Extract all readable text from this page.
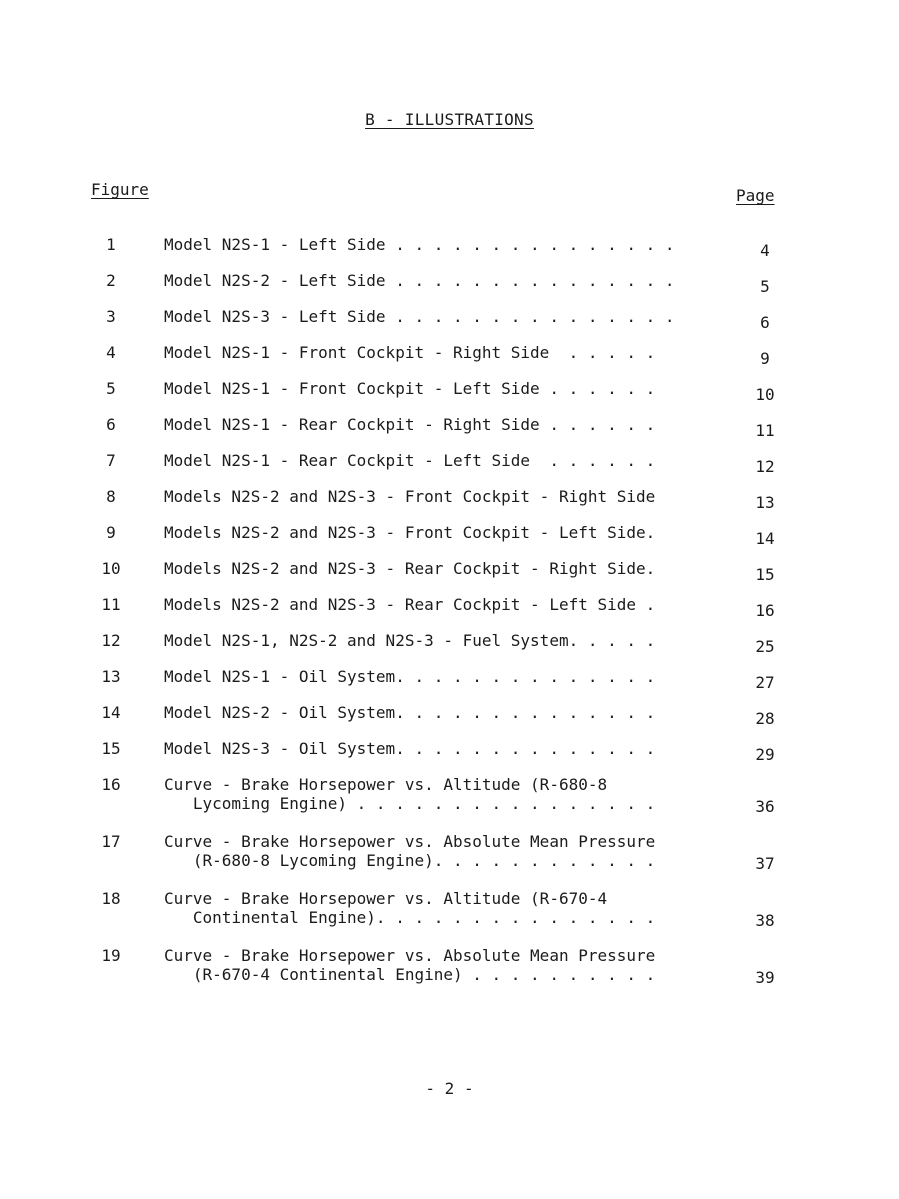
B - ILLUSTRATIONS
Figure	Page
1	Model N2S-1 - Left Side . . . . . . . . . . . . . . .	4
2	Model N2S-2 - Left Side . . . . . . . . . . . . . . .	5
3	Model N2S-3 - Left Side . . . . . . . . . . . . . . .	6
4	Model N2S-1 - Front Cockpit - Right Side  . . . . .	9
5	Model N2S-1 - Front Cockpit - Left Side . . . . . .	10
6	Model N2S-1 - Rear Cockpit - Right Side . . . . . .	11
7	Model N2S-1 - Rear Cockpit - Left Side  . . . . . .	12
8	Models N2S-2 and N2S-3 - Front Cockpit - Right Side	13
9	Models N2S-2 and N2S-3 - Front Cockpit - Left Side.	14
10	Models N2S-2 and N2S-3 - Rear Cockpit - Right Side.	15
11	Models N2S-2 and N2S-3 - Rear Cockpit - Left Side .	16
12	Model N2S-1, N2S-2 and N2S-3 - Fuel System. . . . .	25
13	Model N2S-1 - Oil System. . . . . . . . . . . . . .	27
14	Model N2S-2 - Oil System. . . . . . . . . . . . . .	28
15	Model N2S-3 - Oil System. . . . . . . . . . . . . .	29
16	Curve - Brake Horsepower vs. Altitude (R-680-8
Lycoming Engine) . . . . . . . . . . . . . . . .	36
17	Curve - Brake Horsepower vs. Absolute Mean Pressure
(R-680-8 Lycoming Engine). . . . . . . . . . . .	37
18	Curve - Brake Horsepower vs. Altitude (R-670-4
Continental Engine). . . . . . . . . . . . . . .	38
19	Curve - Brake Horsepower vs. Absolute Mean Pressure
(R-670-4 Continental Engine) . . . . . . . . . .	39
- 2 -
